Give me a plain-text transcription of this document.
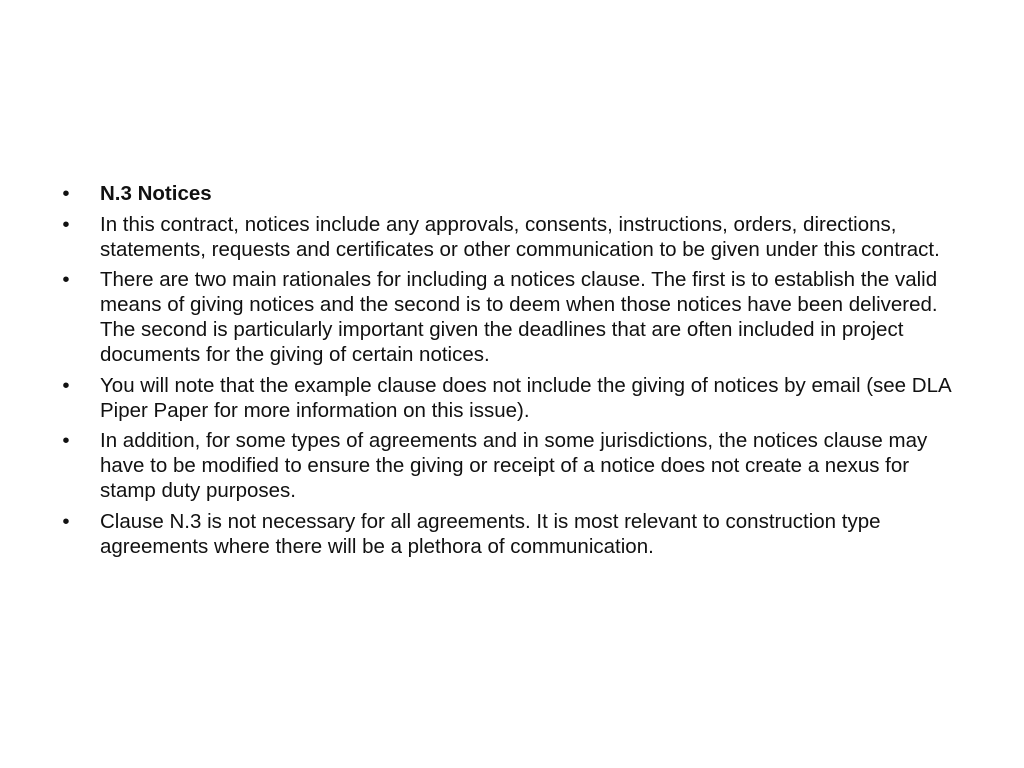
• N.3 Notices
• In this contract, notices include any approvals, consents, instructions, orders, directions, statements, requests and certificates or other communication to be given under this contract.
• There are two main rationales for including a notices clause. The first is to establish the valid means of giving notices and the second is to deem when those notices have been delivered. The second is particularly important given the deadlines that are often included in project documents for the giving of certain notices.
• You will note that the example clause does not include the giving of notices by email (see DLA Piper Paper for more information on this issue).
• In addition, for some types of agreements and in some jurisdictions, the notices clause may have to be modified to ensure the giving or receipt of a notice does not create a nexus for stamp duty purposes.
• Clause N.3 is not necessary for all agreements. It is most relevant to construction type agreements where there will be a plethora of communication.
